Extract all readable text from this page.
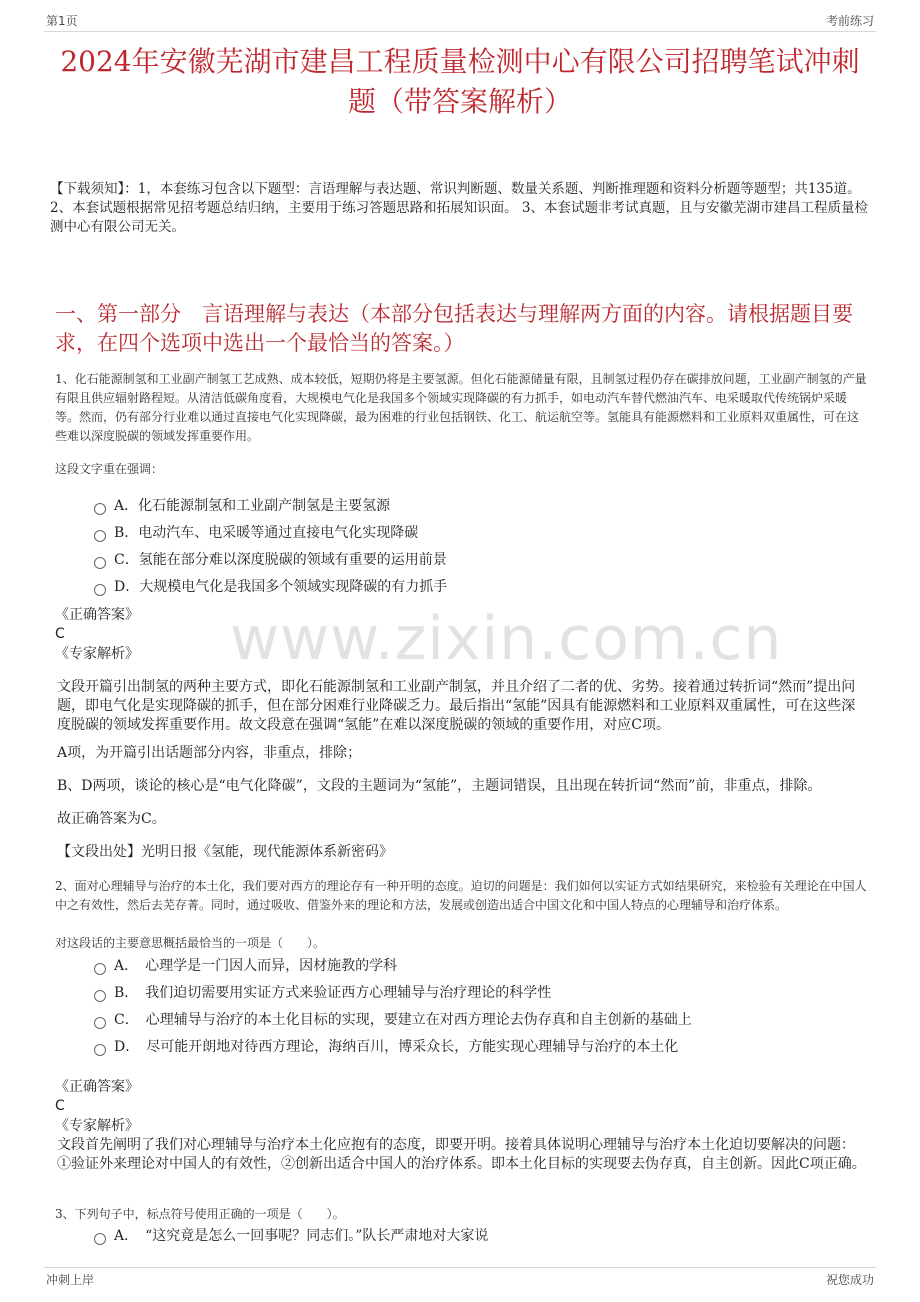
第1页	考前练习
2024年安徽芜湖市建昌工程质量检测中心有限公司招聘笔试冲刺题（带答案解析）
【下载须知】：1，本套练习包含以下题型：言语理解与表达题、常识判断题、数量关系题、判断推理题和资料分析题等题型；共135道。 2、本套试题根据常见招考题总结归纳，主要用于练习答题思路和拓展知识面。 3、本套试题非考试真题，且与安徽芜湖市建昌工程质量检测中心有限公司无关。
一、第一部分　言语理解与表达（本部分包括表达与理解两方面的内容。请根据题目要求，在四个选项中选出一个最恰当的答案。）
www.zixin.com.cn
1、化石能源制氢和工业副产制氢工艺成熟、成本较低，短期仍将是主要氢源。但化石能源储量有限，且制氢过程仍存在碳排放问题，工业副产制氢的产量有限且供应辐射路程短。从清洁低碳角度看，大规模电气化是我国多个领域实现降碳的有力抓手，如电动汽车替代燃油汽车、电采暖取代传统锅炉采暖等。然而，仍有部分行业难以通过直接电气化实现降碳，最为困难的行业包括钢铁、化工、航运航空等。氢能具有能源燃料和工业原料双重属性，可在这些难以深度脱碳的领域发挥重要作用。
这段文字重在强调：
A．化石能源制氢和工业副产制氢是主要氢源
B．电动汽车、电采暖等通过直接电气化实现降碳
C．氢能在部分难以深度脱碳的领域有重要的运用前景
D．大规模电气化是我国多个领域实现降碳的有力抓手
《正确答案》
C
《专家解析》
文段开篇引出制氢的两种主要方式，即化石能源制氢和工业副产制氢，并且介绍了二者的优、劣势。接着通过转折词“然而”提出问题，即电气化是实现降碳的抓手，但在部分困难行业降碳乏力。最后指出“氢能”因具有能源燃料和工业原料双重属性，可在这些深度脱碳的领域发挥重要作用。故文段意在强调“氢能”在难以深度脱碳的领域的重要作用，对应C项。
A项，为开篇引出话题部分内容，非重点，排除；
B、D两项，谈论的核心是“电气化降碳”，文段的主题词为“氢能”，主题词错误，且出现在转折词“然而”前，非重点，排除。
故正确答案为C。
【文段出处】光明日报《氢能，现代能源体系新密码》
2、面对心理辅导与治疗的本土化，我们要对西方的理论存有一种开明的态度。迫切的问题是：我们如何以实证方式如结果研究，来检验有关理论在中国人中之有效性，然后去芜存菁。同时，通过吸收、借鉴外来的理论和方法，发展或创造出适合中国文化和中国人特点的心理辅导和治疗体系。
对这段话的主要意思概括最恰当的一项是（　　）。
A．　心理学是一门因人而异，因材施教的学科
B．　我们迫切需要用实证方式来验证西方心理辅导与治疗理论的科学性
C．　心理辅导与治疗的本土化目标的实现，要建立在对西方理论去伪存真和自主创新的基础上
D．　尽可能开朗地对待西方理论，海纳百川，博采众长，方能实现心理辅导与治疗的本土化
《正确答案》
C
《专家解析》
文段首先阐明了我们对心理辅导与治疗本土化应抱有的态度，即要开明。接着具体说明心理辅导与治疗本土化迫切要解决的问题：①验证外来理论对中国人的有效性，②创新出适合中国人的治疗体系。即本土化目标的实现要去伪存真，自主创新。因此C项正确。
3、下列句子中，标点符号使用正确的一项是（　　）。
A．　“这究竟是怎么一回事呢？同志们。”队长严肃地对大家说
冲刺上岸	祝您成功
